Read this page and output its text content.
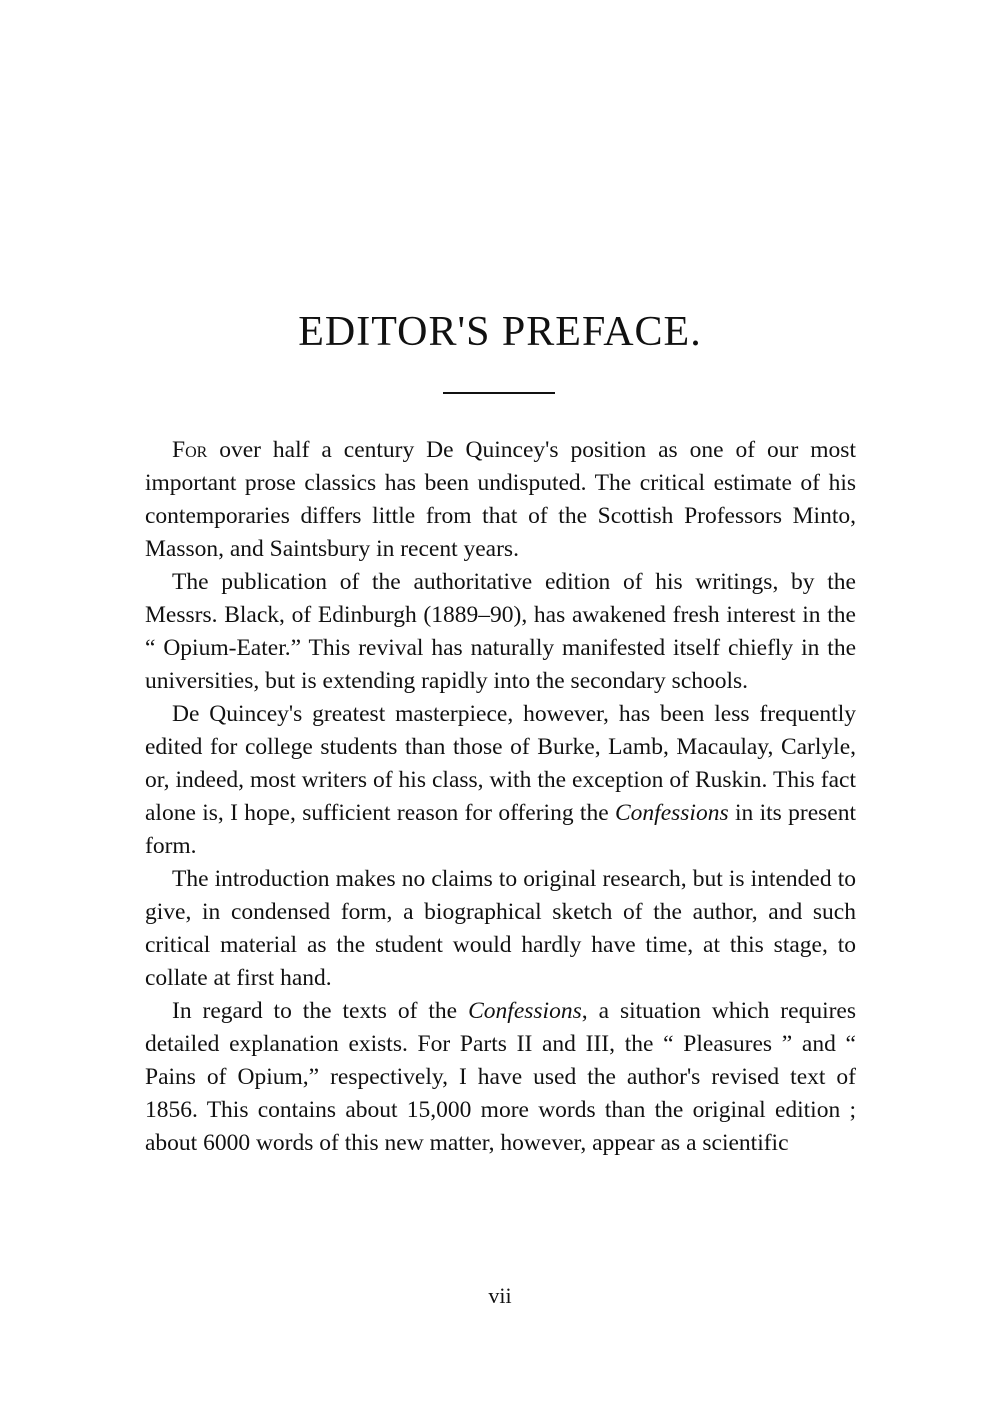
EDITOR'S PREFACE.

For over half a century De Quincey's position as one of our most important prose classics has been undisputed. The critical estimate of his contemporaries differs little from that of the Scottish Professors Minto, Masson, and Saintsbury in recent years.

The publication of the authoritative edition of his writings, by the Messrs. Black, of Edinburgh (1889–90), has awakened fresh interest in the “ Opium-Eater.” This revival has naturally manifested itself chiefly in the universities, but is extending rapidly into the secondary schools.

De Quincey's greatest masterpiece, however, has been less frequently edited for college students than those of Burke, Lamb, Macaulay, Carlyle, or, indeed, most writers of his class, with the exception of Ruskin. This fact alone is, I hope, sufficient reason for offering the Confessions in its present form.

The introduction makes no claims to original research, but is intended to give, in condensed form, a biographical sketch of the author, and such critical material as the student would hardly have time, at this stage, to collate at first hand.

In regard to the texts of the Confessions, a situation which requires detailed explanation exists. For Parts II and III, the “ Pleasures ” and “ Pains of Opium,” respectively, I have used the author's revised text of 1856. This contains about 15,000 more words than the original edition ; about 6000 words of this new matter, however, appear as a scientific

vii
